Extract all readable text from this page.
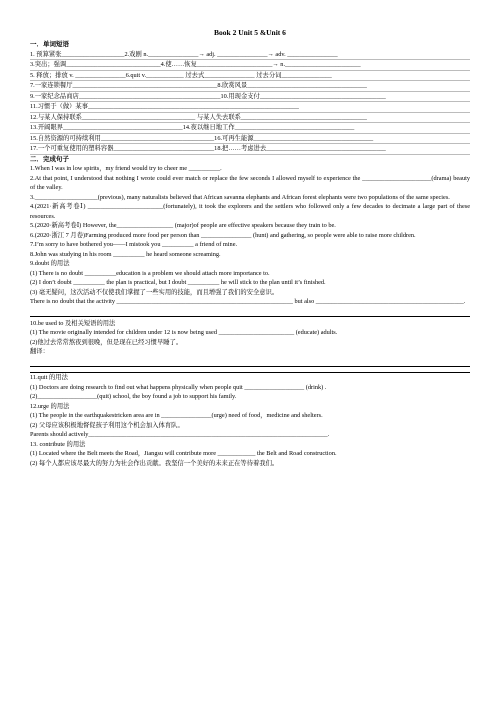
Book 2 Unit 5 &Unit 6
一．单词短语
1. 预算紧张____________________2.戏剧 n.________________→ adj. ________________→ adv. ________________
3.突出；强调______________________________4.使……恢复________________________→ n.________________________
5. 释放；排放 v. ________________6.quit v.____________ 过去式________________ 过去分词________________
7.一家连锁餐厅______________________________________________8.欣赏风景______________________________________
9.一家纪念品商店_____________________________________________10.用现金支付________________________________________
11.习惯于（做）某事___________________________________________________________________
12.与某人保持联系____________________________________ 与某人失去联系________________________________________
13.开阔眼界______________________________________14.夜以继日地工作______________________________________
15.自然资源的可持续利用____________________________________16.可再生能源______________________________________
17.一个可重复使用的塑料容器________________________________18.把……考虑进去______________________________________
二．完成句子
1.When I was in low spirits，my friend would try to cheer me __________.
2.At that point, I understood that nothing I wrote could ever match or replace the few seconds I allowed myself to experience the ______________________(drama) beauty of the valley.
3.____________________(previous), many naturalists believed that African savanna elephants and African forest elephants were two populations of the same species.
4.(2021·新高考卷Ⅰ) ________________________(fortunately), it took the explorers and the settlers who followed only a few decades to decimate a large part of these resources.
5.(2020·新高考卷Ⅰ) However, the__________________ (major)of people are effective speakers because they train to be.
6.(2020·浙江 7 月卷)Farming produced more food per person than ________________ (hunt) and gathering, so people were able to raise more children.
7.I’m sorry to have bothered you——I mistook you __________ a friend of mine.
8.John was studying in his room __________ he heard someone screaming.
9.doubt 的用法
(1) There is no doubt __________education is a problem we should attach more importance to.
(2) I don’t doubt __________ the plan is practical, but I doubt __________ he will stick to the plan until it’s finished.
(3) 毫无疑问，这次活动不仅使我们掌握了一些实用的技能，而且增强了我们的安全意识。
There is no doubt that the activity ________________________________________________________ but also _______________________________________________.
10.be used to 及相关短语的用法
(1) The movie originally intended for children under 12 is now being used ________________________ (educate) adults.
(2)他过去常常熬夜到很晚，但是现在已经习惯早睡了。
翻译：
11.quit 的用法
(1) Doctors are doing research to find out what happens physically when people quit ___________________ (drink) .
(2)___________________(quit) school, the boy found a job to support his family.
12.urge 的用法
(1) The people in the earthquakestricken area are in ________________(urge) need of food，medicine and shelters.
(2) 父母应该积极地督促孩子利用这个机会加入体育队。
Parents should actively____________________________________________________________________________.
13. contribute 的用法
(1) Located where the Belt meets the Road，Jiangsu will contribute more ____________ the Belt and Road construction.
(2) 每个人都应该尽最大的努力为社会作出贡献。我坚信一个美好的未来正在等待着我们。
